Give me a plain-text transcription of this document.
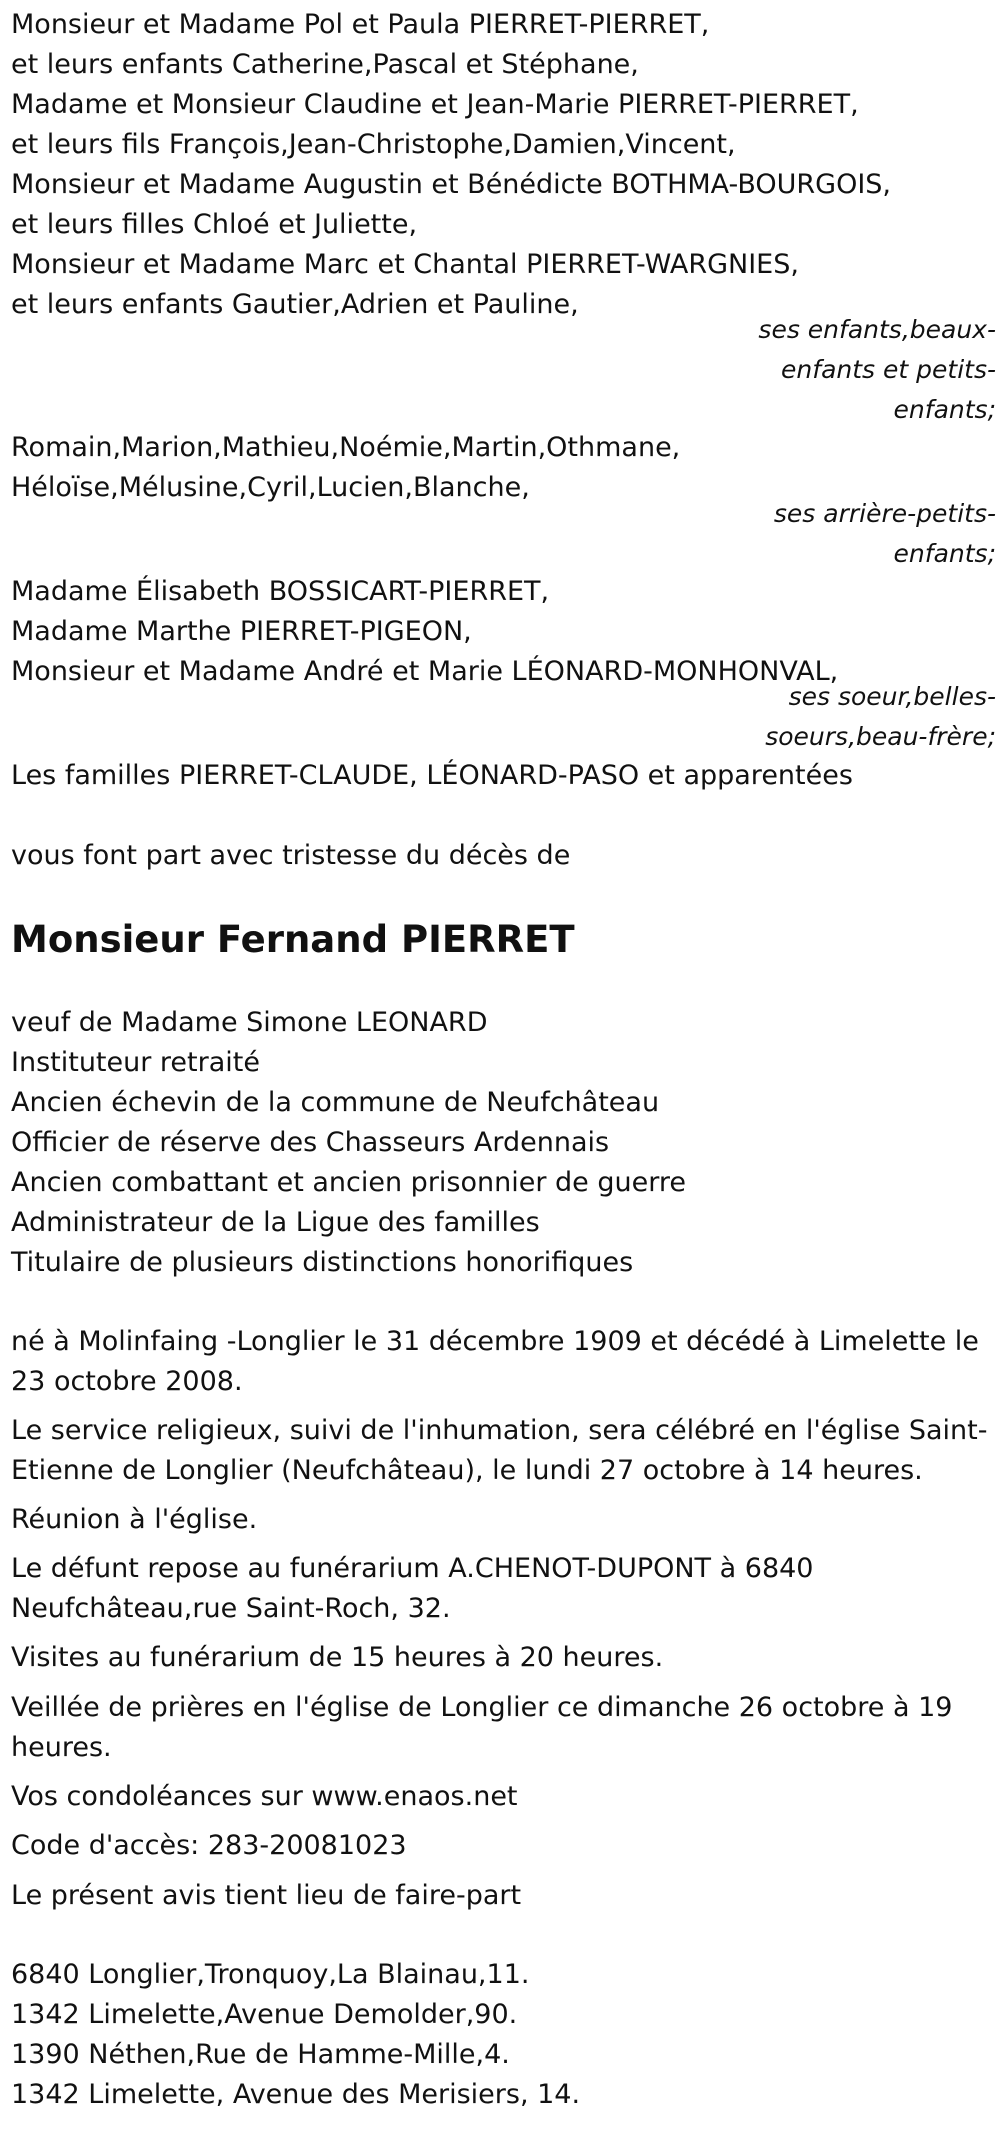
Monsieur et Madame Pol et Paula PIERRET-PIERRET,

et leurs enfants Catherine,Pascal et Stéphane,

Madame et Monsieur Claudine et Jean-Marie PIERRET-PIERRET,

et leurs fils François,Jean-Christophe,Damien,Vincent,

Monsieur et Madame Augustin et Bénédicte BOTHMA-BOURGOIS,

et leurs filles Chloé et Juliette,

Monsieur et Madame Marc et Chantal PIERRET-WARGNIES,

et leurs enfants Gautier,Adrien et Pauline,

ses enfants,beaux-

enfants et petits-

enfants;

Romain,Marion,Mathieu,Noémie,Martin,Othmane,

Héloïse,Mélusine,Cyril,Lucien,Blanche,

ses arrière-petits-

enfants;

Madame Élisabeth BOSSICART-PIERRET,

Madame Marthe PIERRET-PIGEON,

Monsieur et Madame André et Marie LÉONARD-MONHONVAL,

ses soeur,belles-

soeurs,beau-frère;

Les familles PIERRET-CLAUDE, LÉONARD-PASO et apparentées

vous font part avec tristesse du décès de

Monsieur Fernand PIERRET

veuf de Madame Simone LEONARD

Instituteur retraité

Ancien échevin de la commune de Neufchâteau

Officier de réserve des Chasseurs Ardennais

Ancien combattant et ancien prisonnier de guerre

Administrateur de la Ligue des familles

Titulaire de plusieurs distinctions honorifiques

né à Molinfaing -Longlier le 31 décembre 1909 et décédé à Limelette le

23 octobre 2008.

Le service religieux, suivi de l'inhumation, sera célébré en l'église Saint-

Etienne de Longlier (Neufchâteau), le lundi 27 octobre à 14 heures.

Réunion à l'église.

Le défunt repose au funérarium A.CHENOT-DUPONT à 6840

Neufchâteau,rue Saint-Roch, 32.

Visites au funérarium de 15 heures à 20 heures.

Veillée de prières en l'église de Longlier ce dimanche 26 octobre à 19

heures.

Vos condoléances sur www.enaos.net

Code d'accès: 283-20081023

Le présent avis tient lieu de faire-part

6840 Longlier,Tronquoy,La Blainau,11.

1342 Limelette,Avenue Demolder,90.

1390 Néthen,Rue de Hamme-Mille,4.

1342 Limelette, Avenue des Merisiers, 14.
